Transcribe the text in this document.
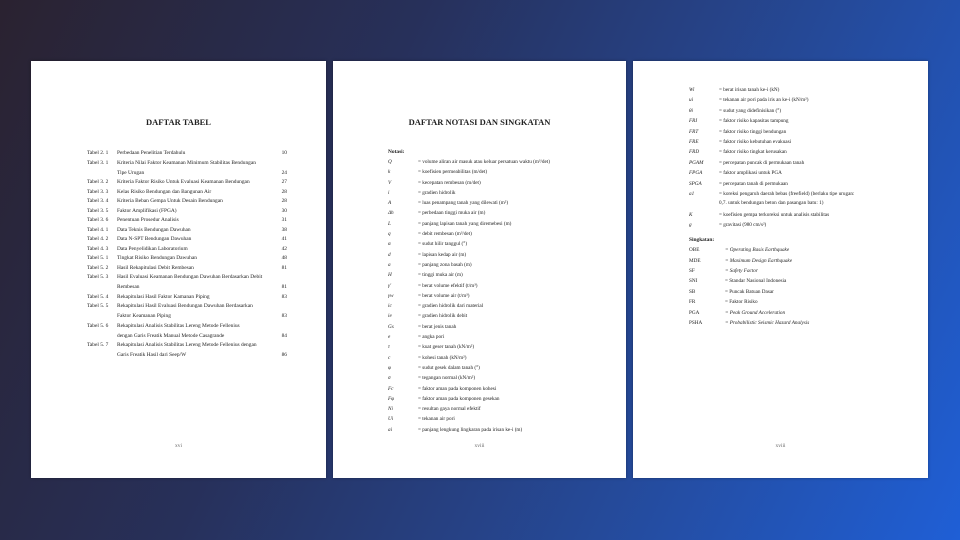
DAFTAR TABEL
Tabel 2. 1	Perbedaan Penelitian Terdahulu	10
Tabel 3. 1	Kriteria Nilai Faktor Keamanan Minimum Stabilitas Bendungan
Tipe Urugan	24
Tabel 3. 2	Kriteria Faktor Risiko Untuk Evaluasi Keamanan Bendungan	27
Tabel 3. 3	Kelas Risiko Bendungan dan Bangunan Air	28
Tabel 3. 4	Kriteria Beban Gempa Untuk Desain Bendungan	28
Tabel 3. 5	Faktor Amplifikasi (FPGA)	30
Tabel 3. 6	Penentuan Prosedur Analisis	31
Tabel 4. 1	Data Teknis Bendungan Dawuhan	38
Tabel 4. 2	Data N-SPT Bendungan Dawuhan	41
Tabel 4. 3	Data Penyelidikan Laboratorium	42
Tabel 5. 1	Tingkat Risiko Bendungan Dawuhan	48
Tabel 5. 2	Hasil Rekapitulasi Debit Rembesan	81
Tabel 5. 3	Hasil Evaluasi Keamanan Bendungan Dawuhan Berdasarkan Debit
Rembesan	81
Tabel 5. 4	Rekapitulasi Hasil Faktor Kamanan Piping	83
Tabel 5. 5	Rekapitulasi Hasil Evaluasi Bendungan Dawuhan Berdasarkan
Faktor Keamanan Piping	83
Tabel 5. 6	Rekapitulasi Analisis Stabilitas Lereng Metode Fellenius
dengan Garis Freatik Manual Metode Casagrande	84
Tabel 5. 7	Rekapitulasi Analisis Stabilitas Lereng Metode Fellenius dengan
Garis Freatik Hasil dari Seep/W	86
xvi
DAFTAR NOTASI DAN SINGKATAN
Notasi:
Q	= volume aliran air masuk atau keluar persatuan waktu (m³/det)
k	= koefisien permeabilitas (m/det)
V	= kecepatan rembesan (m/det)
i	= gradien hidrolik
A	= luas penampang tanah yang dilewati (m²)
Δh	= perbedaan tinggi muka air (m)
L	= panjang lapisan tanah yang diremebesi (m)
q	= debit rembesan (m³/det)
α	= sudut hilir tanggul (°)
d	= lapisan kedap air (m)
a	= panjang zona basah (m)
H	= tinggi muka air (m)
γ'	= berat volume efektif (t/m³)
γw	= berat volume air (t/m³)
ic	= gradien hidrolik dari material
ie	= gradien hidrolik debit
Gs	= berat jenis tanah
e	= angka pori
τ	= kuat geser tanah (kN/m²)
c	= kohesi tanah (kN/m²)
φ	= sudut gesek dalam tanah (°)
σ	= tegangan normal (kN/m²)
Fc	= faktor aman pada komponen kohesi
Fφ	= faktor aman pada komponen gesekan
Ni	= resultan gaya normal efektif
Ui	= tekanan air pori
ai	= panjang lengkung lingkaran pada irisan ke-i (m)
xviii
Wi	= berat irisan tanah ke-i (kN)
ui	= tekanan air pori pada iris an ke-i (kN/m²)
θi	= sudut yang didefinisikan (°)
FRI	= faktor risiko kapasitas tampung
FRT	= faktor risiko tinggi bendungan
FRE	= faktor risiko kebutuhan evakuasi
FRD	= faktor risiko tingkat kerusakan
PGAM	= percepatan puncak di permukaan tanah
FPGA	= faktor amplikasi untuk PGA
SPGA	= percepatan tanah di permukaan
a1	= koreksi pengaruh daerah bebas (freefield) (berlaku tipe urugan:
0,7. untuk bendungan beton dan pasangan batu: 1)
K	= koefisien gempa terkoreksi untuk analisis stabilitas
g	= gravitasi (980 cm/s²)
Singkatan:
OBE	= Operating Basis Earthquake
MDE	= Maximum Design Earthquake
SF	= Safety Factor
SNI	= Standar Nasional Indonesia
SB	= Puncak Batuan Dasar
FR	= Faktor Risiko
PGA	= Peak Ground Acceleration
PSHA	= Probabilistic Seismic Hazard Analysis
xviii
